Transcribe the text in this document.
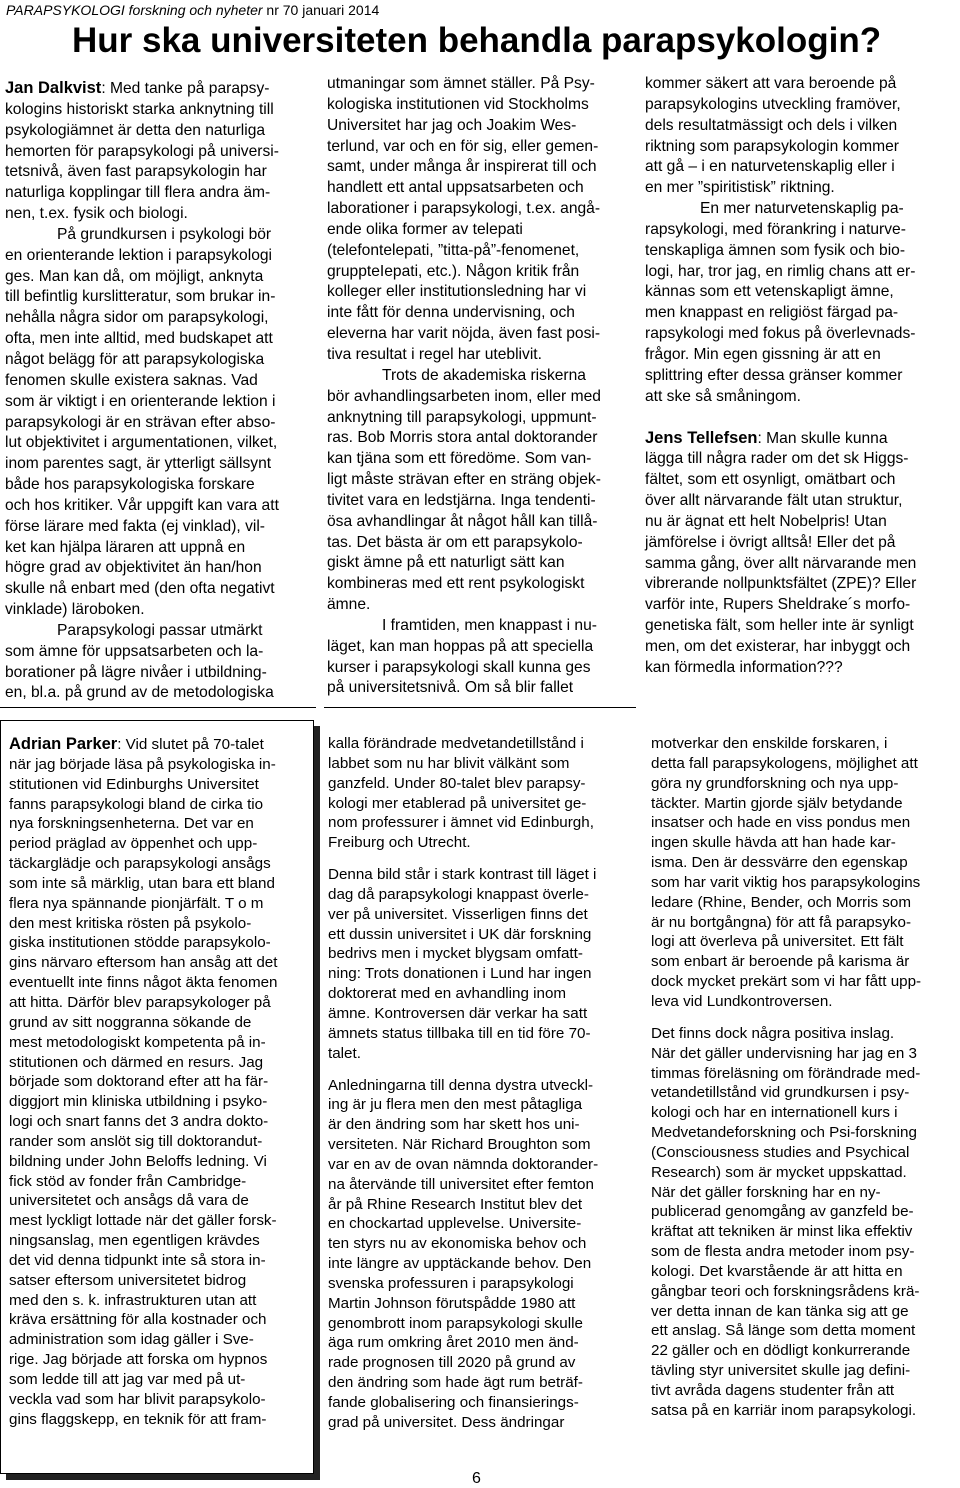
PARAPSYKOLOGI forskning och nyheter nr 70 januari 2014
Hur ska universiteten behandla parapsykologin?

Jan Dalkvist: Med tanke på parapsy-

kologins historiskt starka anknytning till

psykologiämnet är detta den naturliga

hemorten för parapsykologi på universi-

tetsnivå, även fast parapsykologin har

naturliga kopplingar till flera andra äm-

nen, t.ex. fysik och biologi.

På grundkursen i psykologi bör

en orienterande lektion i parapsykologi

ges. Man kan då, om möjligt, anknyta

till befintlig kurslitteratur, som brukar in-

nehålla några sidor om parapsykologi,

ofta, men inte alltid, med budskapet att

något belägg för att parapsykologiska

fenomen skulle existera saknas. Vad

som är viktigt i en orienterande lektion i

parapsykologi är en strävan efter abso-

lut objektivitet i argumentationen, vilket,

inom parentes sagt, är ytterligt sällsynt

både hos parapsykologiska forskare

och hos kritiker. Vår uppgift kan vara att

förse lärare med fakta (ej vinklad), vil-

ket kan hjälpa läraren att uppnå en

högre grad av objektivitet än han/hon

skulle nå enbart med (den ofta negativt

vinklade) läroboken.

Parapsykologi passar utmärkt

som ämne för uppsatsarbeten och la-

borationer på lägre nivåer i utbildning-

en, bl.a. på grund av de metodologiska

utmaningar som ämnet ställer. På Psy-

kologiska institutionen vid Stockholms

Universitet har jag och Joakim Wes-

terlund, var och en för sig, eller gemen-

samt, under många år inspirerat till och

handlett ett antal uppsatsarbeten och

laborationer i parapsykologi, t.ex. angå-

ende olika former av telepati

(telefontelepati, ”titta-på”-fenomenet,

gruppteIepati, etc.). Någon kritik från

kolleger eller institutionsledning har vi

inte fått för denna undervisning, och

eleverna har varit nöjda, även fast posi-

tiva resultat i regel har uteblivit.

Trots de akademiska riskerna

bör avhandlingsarbeten inom, eller med

anknytning till parapsykologi, uppmunt-

ras. Bob Morris stora antal doktorander

kan tjäna som ett föredöme. Som van-

ligt måste strävan efter en sträng objek-

tivitet vara en ledstjärna. Inga tendenti-

ösa avhandlingar åt något håll kan tillå-

tas. Det bästa är om ett parapsykolo-

giskt ämne på ett naturligt sätt kan

kombineras med ett rent psykologiskt

ämne.

I framtiden, men knappast i nu-

läget, kan man hoppas på att speciella

kurser i parapsykologi skall kunna ges

på universitetsnivå. Om så blir fallet

kommer säkert att vara beroende på

parapsykologins utveckling framöver,

dels resultatmässigt och dels i vilken

riktning som parapsykologin kommer

att gå – i en naturvetenskaplig eller i

en mer ”spiritistisk” riktning.

En mer naturvetenskaplig pa-

rapsykologi, med förankring i naturve-

tenskapliga ämnen som fysik och bio-

logi, har, tror jag, en rimlig chans att er-

kännas som ett vetenskapligt ämne,

men knappast en religiöst färgad pa-

rapsykologi med fokus på överlevnads-

frågor. Min egen gissning är att en

splittring efter dessa gränser kommer

att ske så småningom.

Jens Tellefsen: Man skulle kunna

lägga till några rader om det sk Higgs-

fältet, som ett osynligt, omätbart och

över allt närvarande fält utan struktur,

nu är ägnat ett helt Nobelpris! Utan

jämförelse i övrigt alltså! Eller det på

samma gång, över allt närvarande men

vibrerande nollpunktsfältet (ZPE)? Eller

varför inte, Rupers Sheldrake´s morfo-

genetiska fält, som heller inte är synligt

men, om det existerar, har inbyggt och

kan förmedla information???

Adrian Parker: Vid slutet på 70-talet

när jag började läsa på psykologiska in-

stitutionen vid Edinburghs Universitet

fanns parapsykologi bland de cirka tio

nya forskningsenheterna. Det var en

period präglad av öppenhet och upp-

täckarglädje och parapsykologi ansågs

som inte så märklig, utan bara ett bland

flera nya spännande pionjärfält. T o m

den mest kritiska rösten på psykolo-

giska institutionen stödde parapsykolo-

gins närvaro eftersom han ansåg att det

eventuellt inte finns något äkta fenomen

att hitta. Därför blev parapsykologer på

grund av sitt noggranna sökande de

mest metodologiskt kompetenta på in-

stitutionen och därmed en resurs. Jag

började som doktorand efter att ha fär-

diggjort min kliniska utbildning i psyko-

logi och snart fanns det 3 andra dokto-

rander som anslöt sig till doktorandut-

bildning under John Beloffs ledning. Vi

fick stöd av fonder från Cambridge-

universitetet och ansågs då vara de

mest lyckligt lottade när det gäller forsk-

ningsanslag, men egentligen krävdes

det vid denna tidpunkt inte så stora in-

satser eftersom universitetet bidrog

med den s. k. infrastrukturen utan att

kräva ersättning för alla kostnader och

administration som idag gäller i Sve-

rige. Jag började att forska om hypnos

som ledde till att jag var med på ut-

veckla vad som har blivit parapsykolo-

gins flaggskepp, en teknik för att fram-

kalla förändrade medvetandetillstånd i

labbet som nu har blivit välkänt som

ganzfeld. Under 80-talet blev parapsy-

kologi mer etablerad på universitet ge-

nom professurer i ämnet vid Edinburgh,

Freiburg och Utrecht.

Denna bild står i stark kontrast till läget i

dag då parapsykologi knappast överle-

ver på universitet. Visserligen finns det

ett dussin universitet i UK där forskning

bedrivs men i mycket blygsam omfatt-

ning: Trots donationen i Lund har ingen

doktorerat med en avhandling inom

ämne. Kontroversen där verkar ha satt

ämnets status tillbaka till en tid före 70-

talet.

Anledningarna till denna dystra utveckl-

ing är ju flera men den mest påtagliga

är den ändring som har skett hos uni-

versiteten. När Richard Broughton som

var en av de ovan nämnda doktorander-

na återvände till universitet efter femton

år på Rhine Research Institut blev det

en chockartad upplevelse. Universite-

ten styrs nu av ekonomiska behov och

inte längre av upptäckande behov. Den

svenska professuren i parapsykologi

Martin Johnson förutspådde 1980 att

genombrott inom parapsykologi skulle

äga rum omkring året 2010 men änd-

rade prognosen till 2020 på grund av

den ändring som hade ägt rum beträf-

fande globalisering och finansierings-

grad på universitet. Dess ändringar

motverkar den enskilde forskaren, i

detta fall parapsykologens, möjlighet att

göra ny grundforskning och nya upp-

täckter. Martin gjorde själv betydande

insatser och hade en viss pondus men

ingen skulle hävda att han hade kar-

isma. Den är dessvärre den egenskap

som har varit viktig hos parapsykologins

ledare (Rhine, Bender, och Morris som

är nu bortgångna) för att få parapsyko-

logi att överleva på universitet. Ett fält

som enbart är beroende på karisma är

dock mycket prekärt som vi har fått upp-

leva vid Lundkontroversen.

Det finns dock några positiva inslag.

När det gäller undervisning har jag en 3

timmas föreläsning om förändrade med-

vetandetillstånd vid grundkursen i psy-

kologi och har en internationell kurs i

Medvetandeforskning och Psi-forskning

(Consciousness studies and Psychical

Research) som är mycket uppskattad.

När det gäller forskning har en ny-

publicerad genomgång av ganzfeld be-

kräftat att tekniken är minst lika effektiv

som de flesta andra metoder inom psy-

kologi. Det kvarstående är att hitta en

gångbar teori och forskningsrådens krä-

ver detta innan de kan tänka sig att ge

ett anslag. Så länge som detta moment

22 gäller och en dödligt konkurrerande

tävling styr universitet skulle jag defini-

tivt avråda dagens studenter från att

satsa på en karriär inom parapsykologi.

6
